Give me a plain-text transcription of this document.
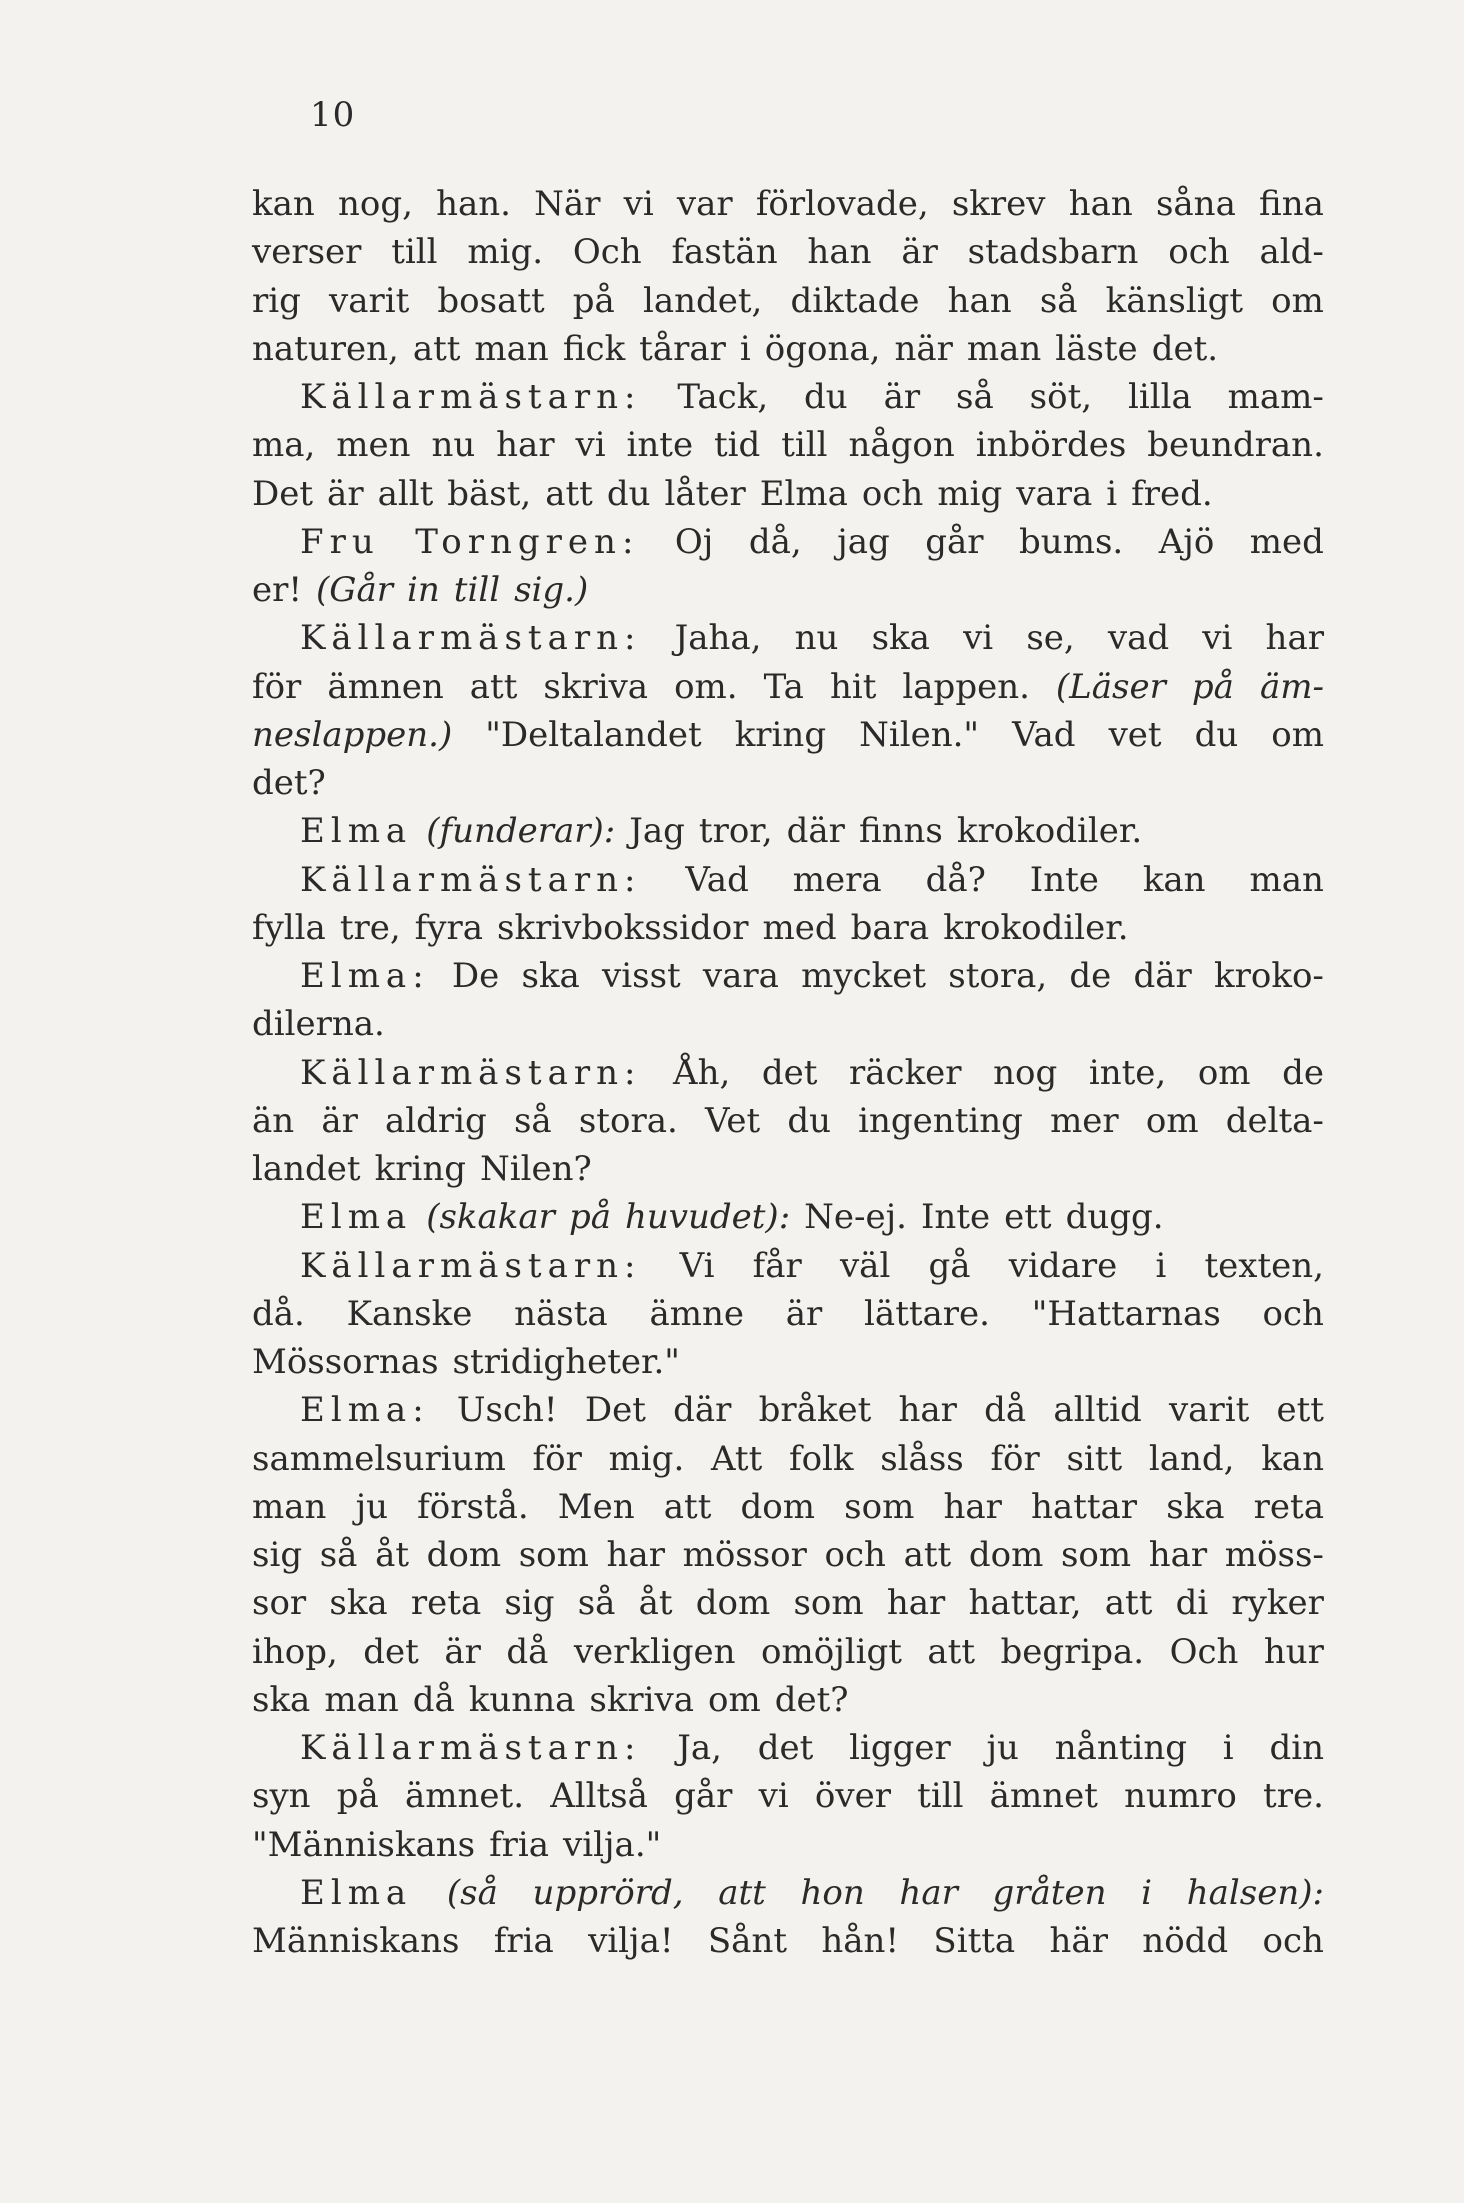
10
kan nog, han. När vi var förlovade, skrev han såna fina
verser till mig. Och fastän han är stadsbarn och ald-
rig varit bosatt på landet, diktade han så känsligt om
naturen, att man fick tårar i ögona, när man läste det.
Källarmästarn: Tack, du är så söt, lilla mam-
ma, men nu har vi inte tid till någon inbördes beundran.
Det är allt bäst, att du låter Elma och mig vara i fred.
Fru Torngren: Oj då, jag går bums. Ajö med
er! (Går in till sig.)
Källarmästarn: Jaha, nu ska vi se, vad vi har
för ämnen att skriva om. Ta hit lappen. (Läser på äm-
neslappen.) "Deltalandet kring Nilen." Vad vet du om
det?
Elma (funderar): Jag tror, där finns krokodiler.
Källarmästarn: Vad mera då? Inte kan man
fylla tre, fyra skrivbokssidor med bara krokodiler.
Elma: De ska visst vara mycket stora, de där kroko-
dilerna.
Källarmästarn: Åh, det räcker nog inte, om de
än är aldrig så stora. Vet du ingenting mer om delta-
landet kring Nilen?
Elma (skakar på huvudet): Ne-ej. Inte ett dugg.
Källarmästarn: Vi får väl gå vidare i texten,
då. Kanske nästa ämne är lättare. "Hattarnas och
Mössornas stridigheter."
Elma: Usch! Det där bråket har då alltid varit ett
sammelsurium för mig. Att folk slåss för sitt land, kan
man ju förstå. Men att dom som har hattar ska reta
sig så åt dom som har mössor och att dom som har möss-
sor ska reta sig så åt dom som har hattar, att di ryker
ihop, det är då verkligen omöjligt att begripa. Och hur
ska man då kunna skriva om det?
Källarmästarn: Ja, det ligger ju nånting i din
syn på ämnet. Alltså går vi över till ämnet numro tre.
"Människans fria vilja."
Elma (så upprörd, att hon har gråten i halsen):
Människans fria vilja! Sånt hån! Sitta här nödd och
